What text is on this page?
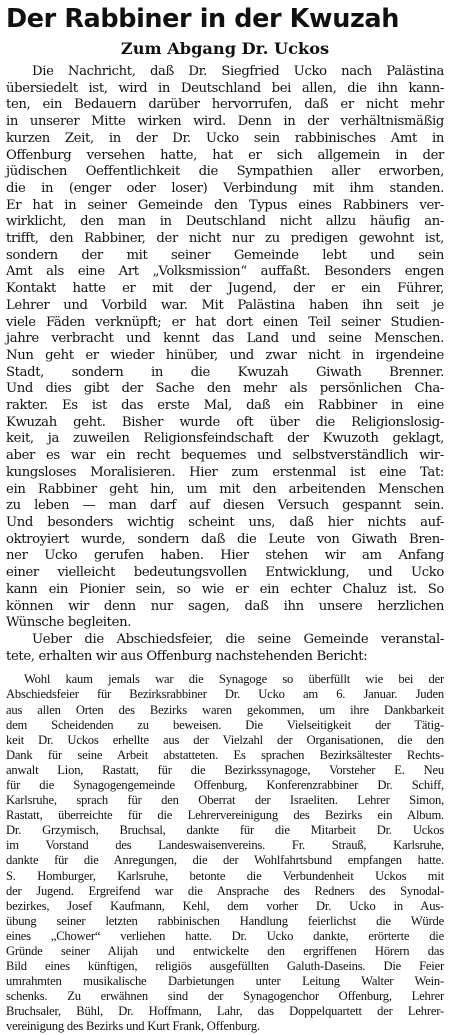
Der Rabbiner in der Kwuzah
Zum Abgang Dr. Uckos

Die Nachricht, daß Dr. Siegfried Ucko nach Palästina

übersiedelt ist, wird in Deutschland bei allen, die ihn kann-

ten, ein Bedauern darüber hervorrufen, daß er nicht mehr

in unserer Mitte wirken wird. Denn in der verhältnismäßig

kurzen Zeit, in der Dr. Ucko sein rabbinisches Amt in

Offenburg versehen hatte, hat er sich allgemein in der

jüdischen Oeffentlichkeit die Sympathien aller erworben,

die in (enger oder loser) Verbindung mit ihm standen.

Er hat in seiner Gemeinde den Typus eines Rabbiners ver-

wirklicht, den man in Deutschland nicht allzu häufig an-

trifft, den Rabbiner, der nicht nur zu predigen gewohnt ist,

sondern der mit seiner Gemeinde lebt und sein

Amt als eine Art „Volksmission“ auffaßt. Besonders engen

Kontakt hatte er mit der Jugend, der er ein Führer,

Lehrer und Vorbild war. Mit Palästina haben ihn seit je

viele Fäden verknüpft; er hat dort einen Teil seiner Studien-

jahre verbracht und kennt das Land und seine Menschen.

Nun geht er wieder hinüber, und zwar nicht in irgendeine

Stadt, sondern in die Kwuzah Giwath Brenner.

Und dies gibt der Sache den mehr als persönlichen Cha-

rakter. Es ist das erste Mal, daß ein Rabbiner in eine

Kwuzah geht. Bisher wurde oft über die Religionslosig-

keit, ja zuweilen Religionsfeindschaft der Kwuzoth geklagt,

aber es war ein recht bequemes und selbstverständlich wir-

kungsloses Moralisieren. Hier zum erstenmal ist eine Tat:

ein Rabbiner geht hin, um mit den arbeitenden Menschen

zu leben — man darf auf diesen Versuch gespannt sein.

Und besonders wichtig scheint uns, daß hier nichts auf-

oktroyiert wurde, sondern daß die Leute von Giwath Bren-

ner Ucko gerufen haben. Hier stehen wir am Anfang

einer vielleicht bedeutungsvollen Entwicklung, und Ucko

kann ein Pionier sein, so wie er ein echter Chaluz ist. So

können wir denn nur sagen, daß ihn unsere herzlichen

Wünsche begleiten.

Ueber die Abschiedsfeier, die seine Gemeinde veranstal-

tete, erhalten wir aus Offenburg nachstehenden Bericht:

Wohl kaum jemals war die Synagoge so überfüllt wie bei der

Abschiedsfeier für Bezirksrabbiner Dr. Ucko am 6. Januar. Juden

aus allen Orten des Bezirks waren gekommen, um ihre Dankbarkeit

dem Scheidenden zu beweisen. Die Vielseitigkeit der Tätig-

keit Dr. Uckos erhellte aus der Vielzahl der Organisationen, die den

Dank für seine Arbeit abstatteten. Es sprachen Bezirksältester Rechts-

anwalt Lion, Rastatt, für die Bezirkssynagoge, Vorsteher E. Neu

für die Synagogengemeinde Offenburg, Konferenzrabbiner Dr. Schiff,

Karlsruhe, sprach für den Oberrat der Israeliten. Lehrer Simon,

Rastatt, überreichte für die Lehrervereinigung des Bezirks ein Album.

Dr. Grzymisch, Bruchsal, dankte für die Mitarbeit Dr. Uckos

im Vorstand des Landeswaisenvereins. Fr. Strauß, Karlsruhe,

dankte für die Anregungen, die der Wohlfahrtsbund empfangen hatte.

S. Homburger, Karlsruhe, betonte die Verbundenheit Uckos mit

der Jugend. Ergreifend war die Ansprache des Redners des Synodal-

bezirkes, Josef Kaufmann, Kehl, dem vorher Dr. Ucko in Aus-

übung seiner letzten rabbinischen Handlung feierlichst die Würde

eines „Chower“ verliehen hatte. Dr. Ucko dankte, erörterte die

Gründe seiner Alijah und entwickelte den ergriffenen Hörern das

Bild eines künftigen, religiös ausgefüllten Galuth-Daseins. Die Feier

umrahmten musikalische Darbietungen unter Leitung Walter Wein-

schenks. Zu erwähnen sind der Synagogenchor Offenburg, Lehrer

Bruchsaler, Bühl, Dr. Hoffmann, Lahr, das Doppelquartett der Lehrer-

vereinigung des Bezirks und Kurt Frank, Offenburg.
